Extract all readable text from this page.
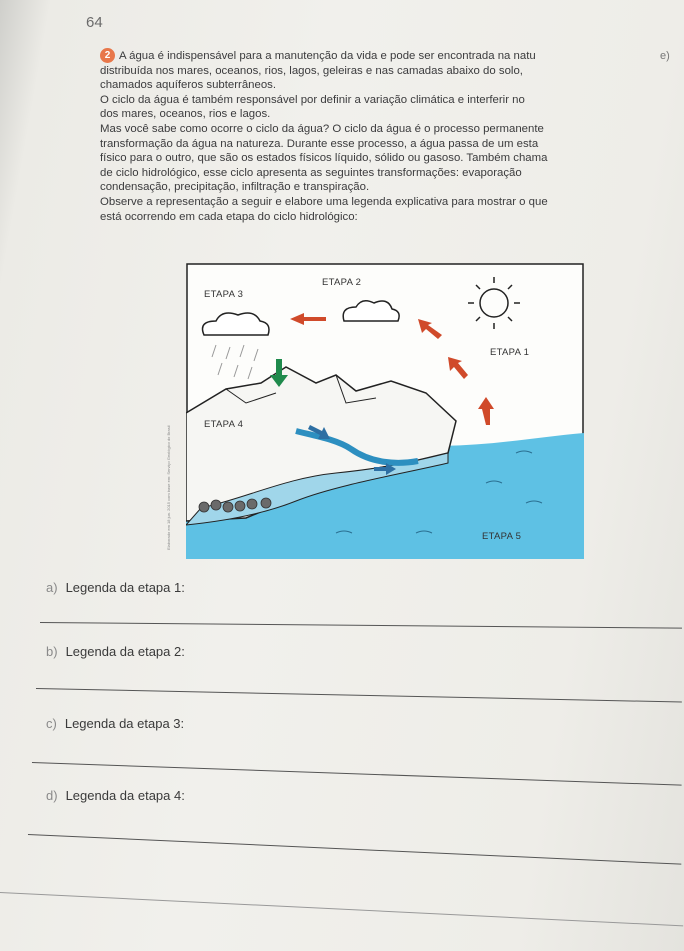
64
e)

2 A água é indispensável para a manutenção da vida e pode ser encontrada na natu

distribuída nos mares, oceanos, rios, lagos, geleiras e nas camadas abaixo do solo,

chamados aquíferos subterrâneos.

O ciclo da água é também responsável por definir a variação climática e interferir no

dos mares, oceanos, rios e lagos.

Mas você sabe como ocorre o ciclo da água? O ciclo da água é o processo permanente

transformação da água na natureza. Durante esse processo, a água passa de um esta

físico para o outro, que são os estados físicos líquido, sólido ou gasoso. Também chama

de ciclo hidrológico, esse ciclo apresenta as seguintes transformações: evaporação

condensação, precipitação, infiltração e transpiração.

Observe a representação a seguir e elabore uma legenda explicativa para mostrar o que

está ocorrendo em cada etapa do ciclo hidrológico:

Elaborado em 18 jun. 2015 com base em: Serviço Geológico do Brasil
ETAPA 3
ETAPA 2
ETAPA 1
ETAPA 4
ETAPA 5
a) Legenda da etapa 1:
b) Legenda da etapa 2:
c) Legenda da etapa 3:
d) Legenda da etapa 4:
